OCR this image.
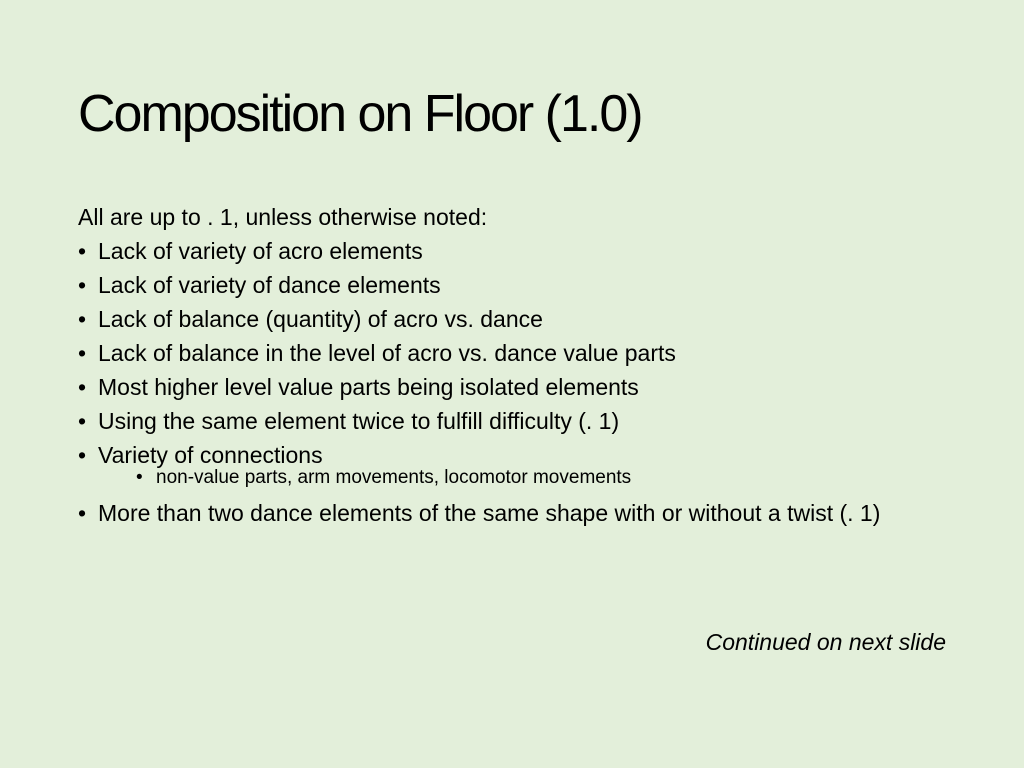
Composition on Floor (1.0)

All are up to . 1, unless otherwise noted:

• Lack of variety of acro elements
• Lack of variety of dance elements
• Lack of balance (quantity) of acro vs. dance
• Lack of balance in the level of acro vs. dance value parts
• Most higher level value parts being isolated elements
• Using the same element twice to fulfill difficulty (. 1)
• Variety of connections
• non-value parts, arm movements, locomotor movements
• More than two dance elements of the same shape with or without a twist (. 1)
Continued on next slide
